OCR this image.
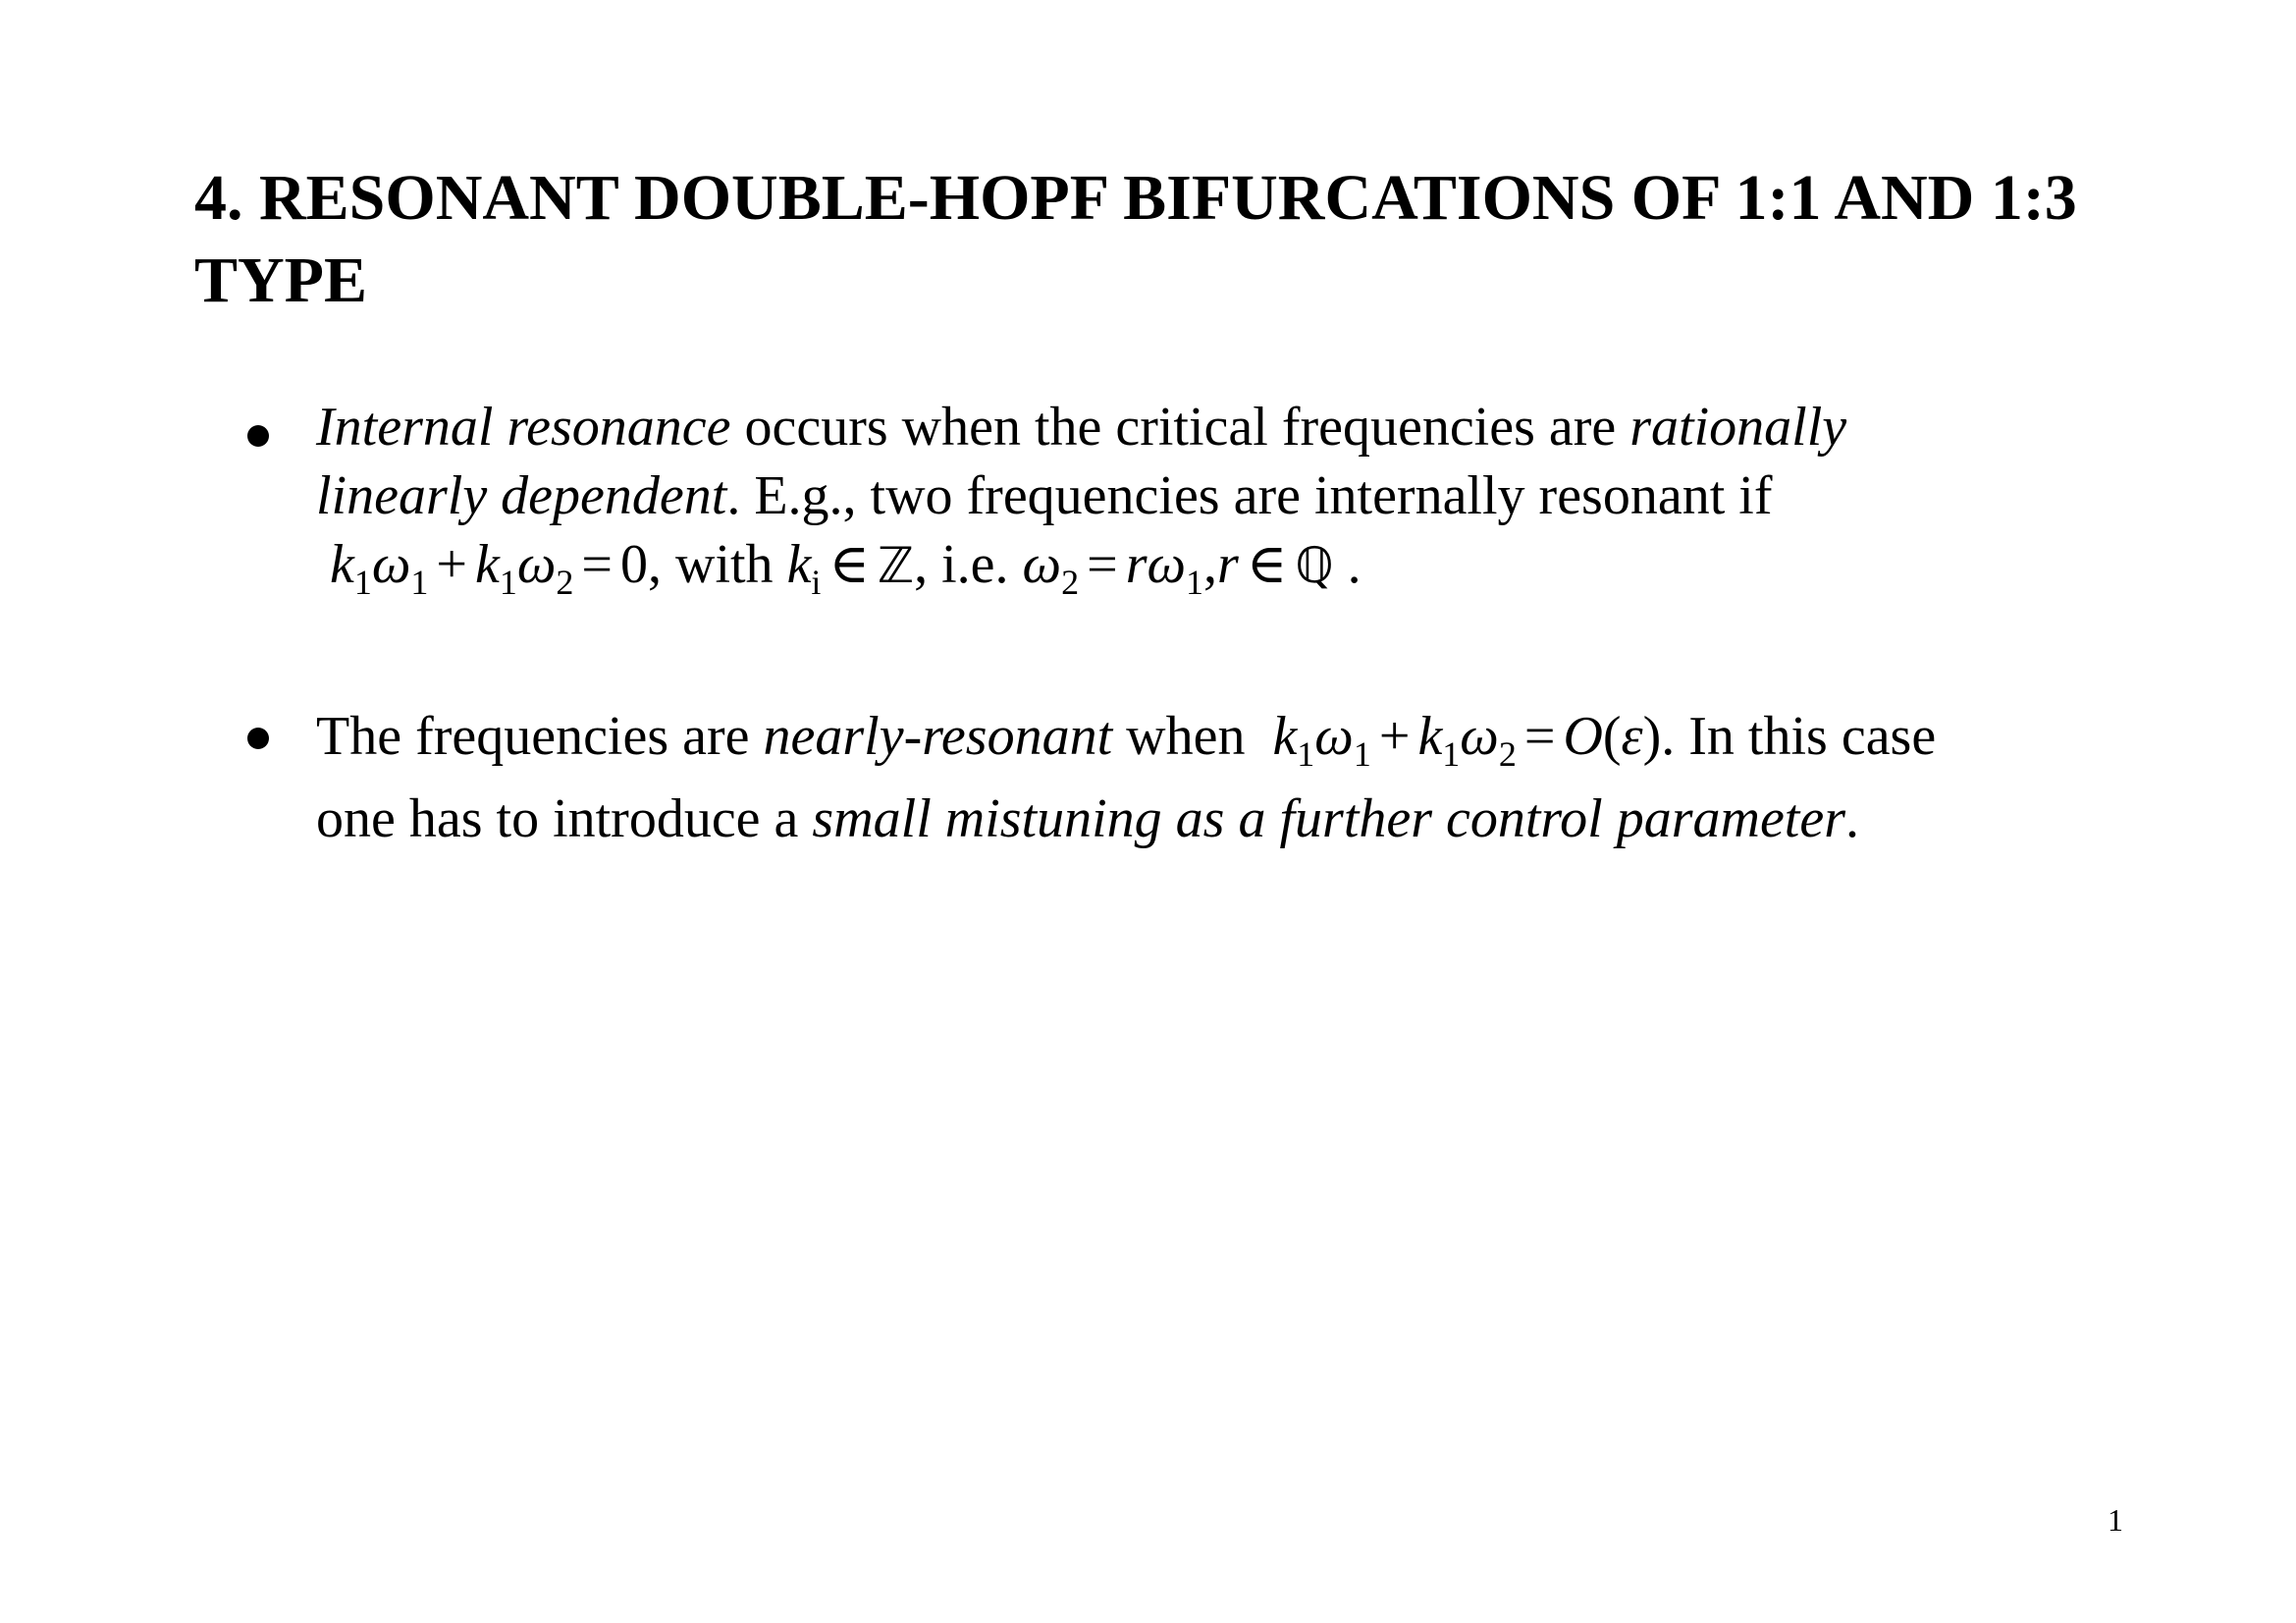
4. RESONANT DOUBLE-HOPF BIFURCATIONS OF 1:1 AND 1:3 TYPE
Internal resonance occurs when the critical frequencies are rationally
linearly dependent. E.g., two frequencies are internally resonant if
$k_1\omega_1 + k_1\omega_2 = 0$, with $k_i$ ∈ ℤ, i.e. $\omega_2 = r\omega_1,r$ ∈ ℚ .
The frequencies are nearly-resonant when  $k_1\omega_1 + k_1\omega_2 = O(\varepsilon)$. In this case
one has to introduce a small mistuning as a further control parameter.
1
